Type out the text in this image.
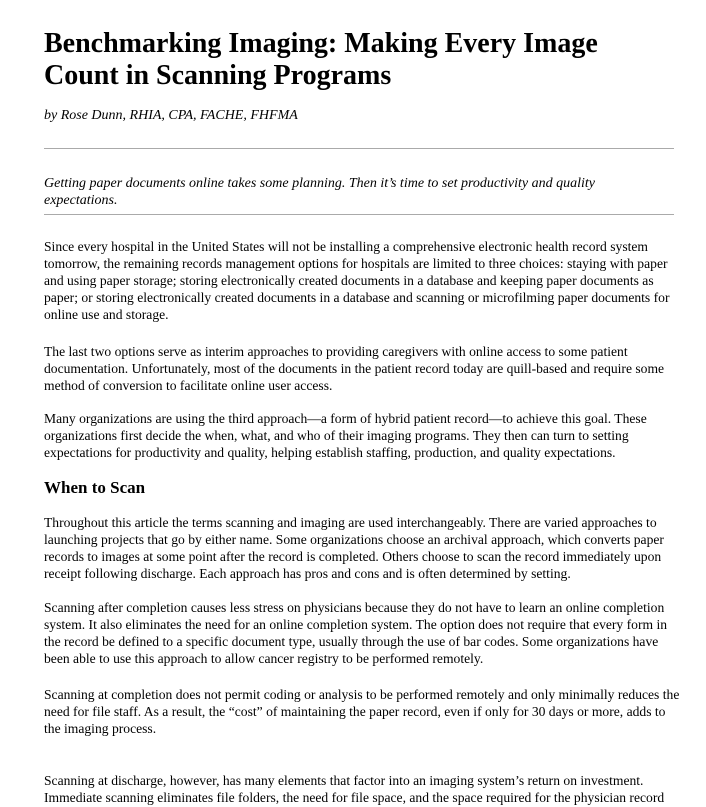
Benchmarking Imaging: Making Every Image
Count in Scanning Programs
by Rose Dunn, RHIA, CPA, FACHE, FHFMA
Getting paper documents online takes some planning. Then it’s time to set productivity and quality
expectations.
When to Scan
Since every hospital in the United States will not be installing a comprehensive electronic health record system
tomorrow, the remaining records management options for hospitals are limited to three choices: staying with paper
and using paper storage; storing electronically created documents in a database and keeping paper documents as
paper; or storing electronically created documents in a database and scanning or microfilming paper documents for
online use and storage.
The last two options serve as interim approaches to providing caregivers with online access to some patient
documentation. Unfortunately, most of the documents in the patient record today are quill-based and require some
method of conversion to facilitate online user access.
Many organizations are using the third approach—a form of hybrid patient record—to achieve this goal. These
organizations first decide the when, what, and who of their imaging programs. They then can turn to setting
expectations for productivity and quality, helping establish staffing, production, and quality expectations.
Throughout this article the terms scanning and imaging are used interchangeably. There are varied approaches to
launching projects that go by either name. Some organizations choose an archival approach, which converts paper
records to images at some point after the record is completed. Others choose to scan the record immediately upon
receipt following discharge. Each approach has pros and cons and is often determined by setting.
Scanning after completion causes less stress on physicians because they do not have to learn an online completion
system. It also eliminates the need for an online completion system. The option does not require that every form in
the record be defined to a specific document type, usually through the use of bar codes. Some organizations have
been able to use this approach to allow cancer registry to be performed remotely.
Scanning at completion does not permit coding or analysis to be performed remotely and only minimally reduces the
need for file staff. As a result, the “cost” of maintaining the paper record, even if only for 30 days or more, adds to
the imaging process.
Scanning at discharge, however, has many elements that factor into an imaging system’s return on investment.
Immediate scanning eliminates file folders, the need for file space, and the space required for the physician record
